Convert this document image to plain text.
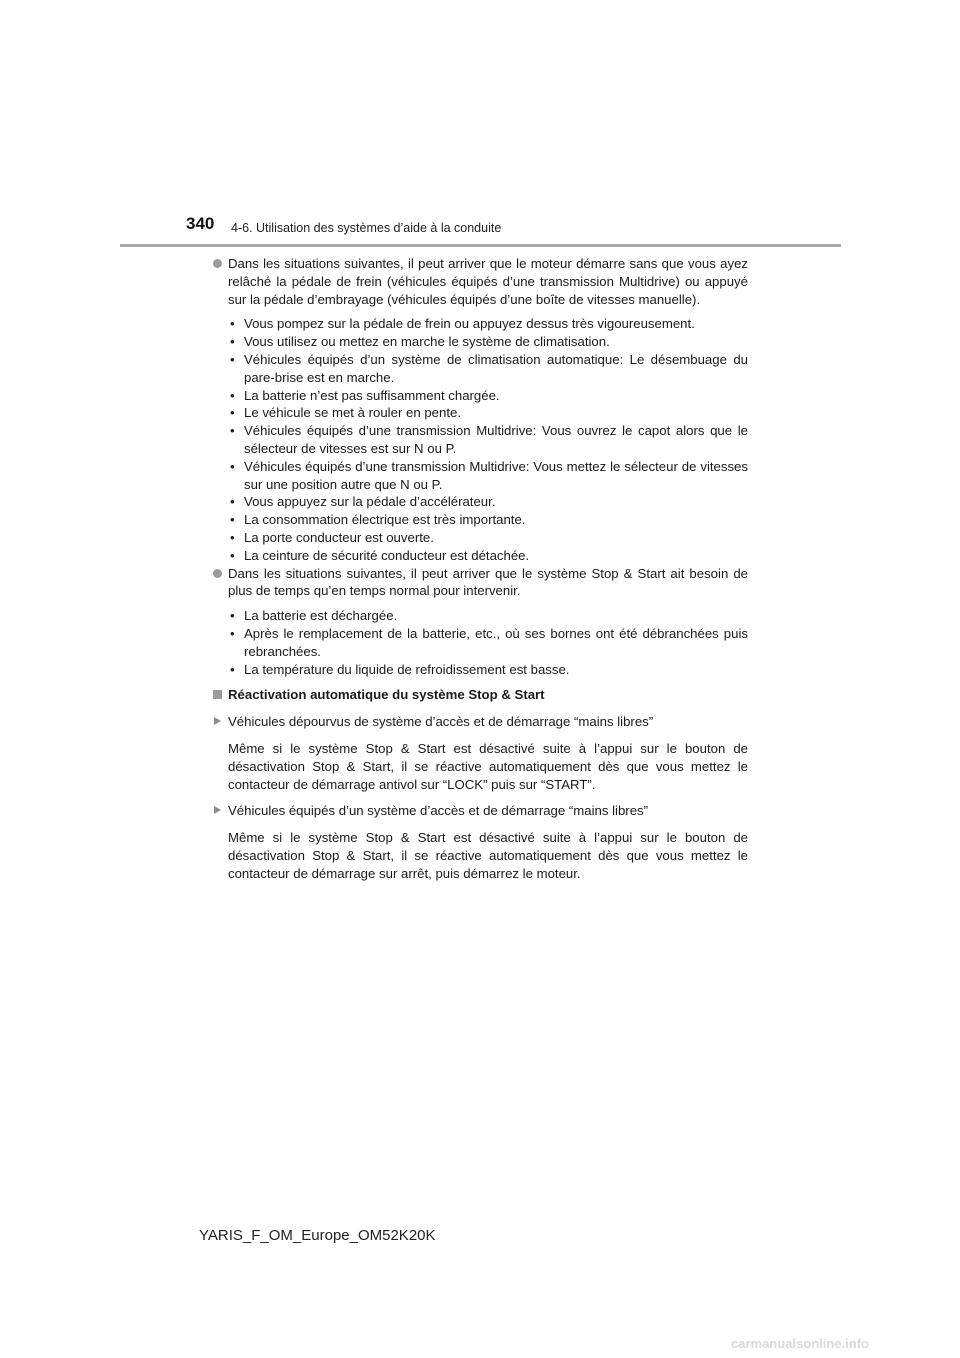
340 4-6. Utilisation des systèmes d’aide à la conduite
Dans les situations suivantes, il peut arriver que le moteur démarre sans que vous ayez relâché la pédale de frein (véhicules équipés d’une transmission Multidrive) ou appuyé sur la pédale d’embrayage (véhicules équipés d’une boîte de vitesses manuelle).
• Vous pompez sur la pédale de frein ou appuyez dessus très vigoureusement.
• Vous utilisez ou mettez en marche le système de climatisation.
• Véhicules équipés d’un système de climatisation automatique: Le désembuage du pare-brise est en marche.
• La batterie n’est pas suffisamment chargée.
• Le véhicule se met à rouler en pente.
• Véhicules équipés d’une transmission Multidrive: Vous ouvrez le capot alors que le sélecteur de vitesses est sur N ou P.
• Véhicules équipés d’une transmission Multidrive: Vous mettez le sélecteur de vitesses sur une position autre que N ou P.
• Vous appuyez sur la pédale d’accélérateur.
• La consommation électrique est très importante.
• La porte conducteur est ouverte.
• La ceinture de sécurité conducteur est détachée.
Dans les situations suivantes, il peut arriver que le système Stop & Start ait besoin de plus de temps qu’en temps normal pour intervenir.
• La batterie est déchargée.
• Après le remplacement de la batterie, etc., où ses bornes ont été débranchées puis rebranchées.
• La température du liquide de refroidissement est basse.
Réactivation automatique du système Stop & Start
Véhicules dépourvus de système d’accès et de démarrage “mains libres”
Même si le système Stop & Start est désactivé suite à l’appui sur le bouton de désactivation Stop & Start, il se réactive automatiquement dès que vous mettez le contacteur de démarrage antivol sur “LOCK” puis sur “START”.
Véhicules équipés d’un système d’accès et de démarrage “mains libres”
Même si le système Stop & Start est désactivé suite à l’appui sur le bouton de désactivation Stop & Start, il se réactive automatiquement dès que vous mettez le contacteur de démarrage sur arrêt, puis démarrez le moteur.
YARIS_F_OM_Europe_OM52K20K
carmanualsonline.info
